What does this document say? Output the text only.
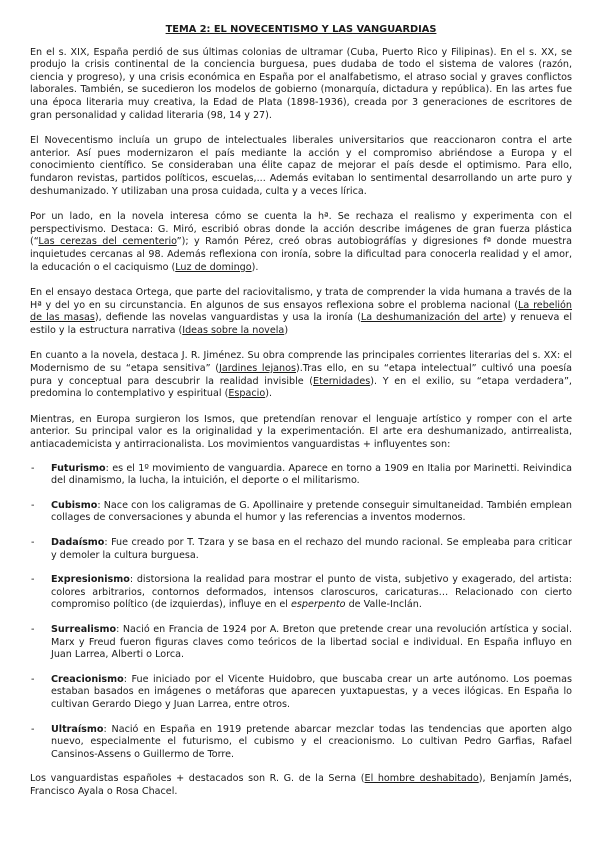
TEMA 2: EL NOVECENTISMO Y LAS VANGUARDIAS

En el s. XIX, España perdió de sus últimas colonias de ultramar (Cuba, Puerto Rico y Filipinas). En el s. XX, se produjo la crisis continental de la conciencia burguesa, pues dudaba de todo el sistema de valores (razón, ciencia y progreso), y una crisis económica en España por el analfabetismo, el atraso social y graves conflictos laborales. También, se sucedieron los modelos de gobierno (monarquía, dictadura y república). En las artes fue una época literaria muy creativa, la Edad de Plata (1898-1936), creada por 3 generaciones de escritores de gran personalidad y calidad literaria (98, 14 y 27).

El Novecentismo incluía un grupo de intelectuales liberales universitarios que reaccionaron contra el arte anterior. Así pues modernizaron el país mediante la acción y el compromiso abriéndose a Europa y el conocimiento científico. Se consideraban una élite capaz de mejorar el país desde el optimismo. Para ello, fundaron revistas, partidos políticos, escuelas,... Además evitaban lo sentimental desarrollando un arte puro y deshumanizado. Y utilizaban una prosa cuidada, culta y a veces lírica.

Por un lado, en la novela interesa cómo se cuenta la hª. Se rechaza el realismo y experimenta con el perspectivismo. Destaca: G. Miró, escribió obras donde la acción describe imágenes de gran fuerza plástica (“Las cerezas del cementerio”); y Ramón Pérez, creó obras autobiográfías y digresiones fª donde muestra inquietudes cercanas al 98. Además reflexiona con ironía, sobre la dificultad para conocerla realidad y el amor, la educación o el caciquismo (Luz de domingo).

En el ensayo destaca Ortega, que parte del raciovitalismo, y trata de comprender la vida humana a través de la Hª y del yo en su circunstancia. En algunos de sus ensayos reflexiona sobre el problema nacional (La rebelión de las masas), defiende las novelas vanguardistas y usa la ironía (La deshumanización del arte) y renueva el estilo y la estructura narrativa (Ideas sobre la novela)

En cuanto a la novela, destaca J. R. Jiménez. Su obra comprende las principales corrientes literarias del s. XX: el Modernismo de su “etapa sensitiva” (Jardines lejanos).Tras ello, en su “etapa intelectual” cultivó una poesía pura y conceptual para descubrir la realidad invisible (Eternidades). Y en el exilio, su “etapa verdadera”, predomina lo contemplativo y espiritual (Espacio).

Mientras, en Europa surgieron los Ismos, que pretendían renovar el lenguaje artístico y romper con el arte anterior. Su principal valor es la originalidad y la experimentación. El arte era deshumanizado, antirrealista, antiacademicista y antirracionalista. Los movimientos vanguardistas + influyentes son:

- Futurismo: es el 1º movimiento de vanguardia. Aparece en torno a 1909 en Italia por Marinetti. Reivindica del dinamismo, la lucha, la intuición, el deporte o el militarismo.
- Cubismo: Nace con los caligramas de G. Apollinaire y pretende conseguir simultaneidad. También emplean collages de conversaciones y abunda el humor y las referencias a inventos modernos.
- Dadaísmo: Fue creado por T. Tzara y se basa en el rechazo del mundo racional. Se empleaba para criticar y demoler la cultura burguesa.
- Expresionismo: distorsiona la realidad para mostrar el punto de vista, subjetivo y exagerado, del artista: colores arbitrarios, contornos deformados, intensos claroscuros, caricaturas… Relacionado con cierto compromiso político (de izquierdas), influye en el esperpento de Valle-Inclán.
- Surrealismo: Nació en Francia de 1924 por A. Breton que pretende crear una revolución artística y social. Marx y Freud fueron figuras claves como teóricos de la libertad social e individual. En España influyo en Juan Larrea, Alberti o Lorca.
- Creacionismo: Fue iniciado por el Vicente Huidobro, que buscaba crear un arte autónomo. Los poemas estaban basados en imágenes o metáforas que aparecen yuxtapuestas, y a veces ilógicas. En España lo cultivan Gerardo Diego y Juan Larrea, entre otros.
- Ultraísmo: Nació en España en 1919 pretende abarcar mezclar todas las tendencias que aporten algo nuevo, especialmente el futurismo, el cubismo y el creacionismo. Lo cultivan Pedro Garfias, Rafael Cansinos-Assens o Guillermo de Torre.

Los vanguardistas españoles + destacados son R. G. de la Serna (El hombre deshabitado), Benjamín Jamés, Francisco Ayala o Rosa Chacel.
